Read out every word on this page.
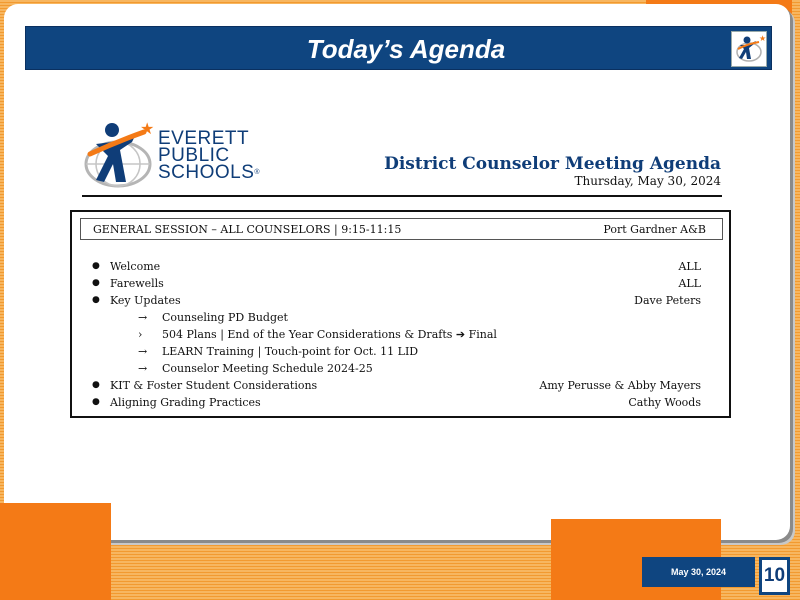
Today’s Agenda	★
★ EVERETT
PUBLIC
SCHOOLS®	District Counselor Meeting Agenda
Thursday, May 30, 2024
GENERAL SESSION – ALL COUNSELORS | 9:15-11:15	Port Gardner A&B
● Welcome	ALL
● Farewells	ALL
● Key Updates	Dave Peters
→ Counseling PD Budget
› 504 Plans | End of the Year Considerations & Drafts ➔ Final
→ LEARN Training | Touch-point for Oct. 11 LID
→ Counselor Meeting Schedule 2024-25
● KIT & Foster Student Considerations	Amy Perusse & Abby Mayers
● Aligning Grading Practices	Cathy Woods
May 30, 2024	10
